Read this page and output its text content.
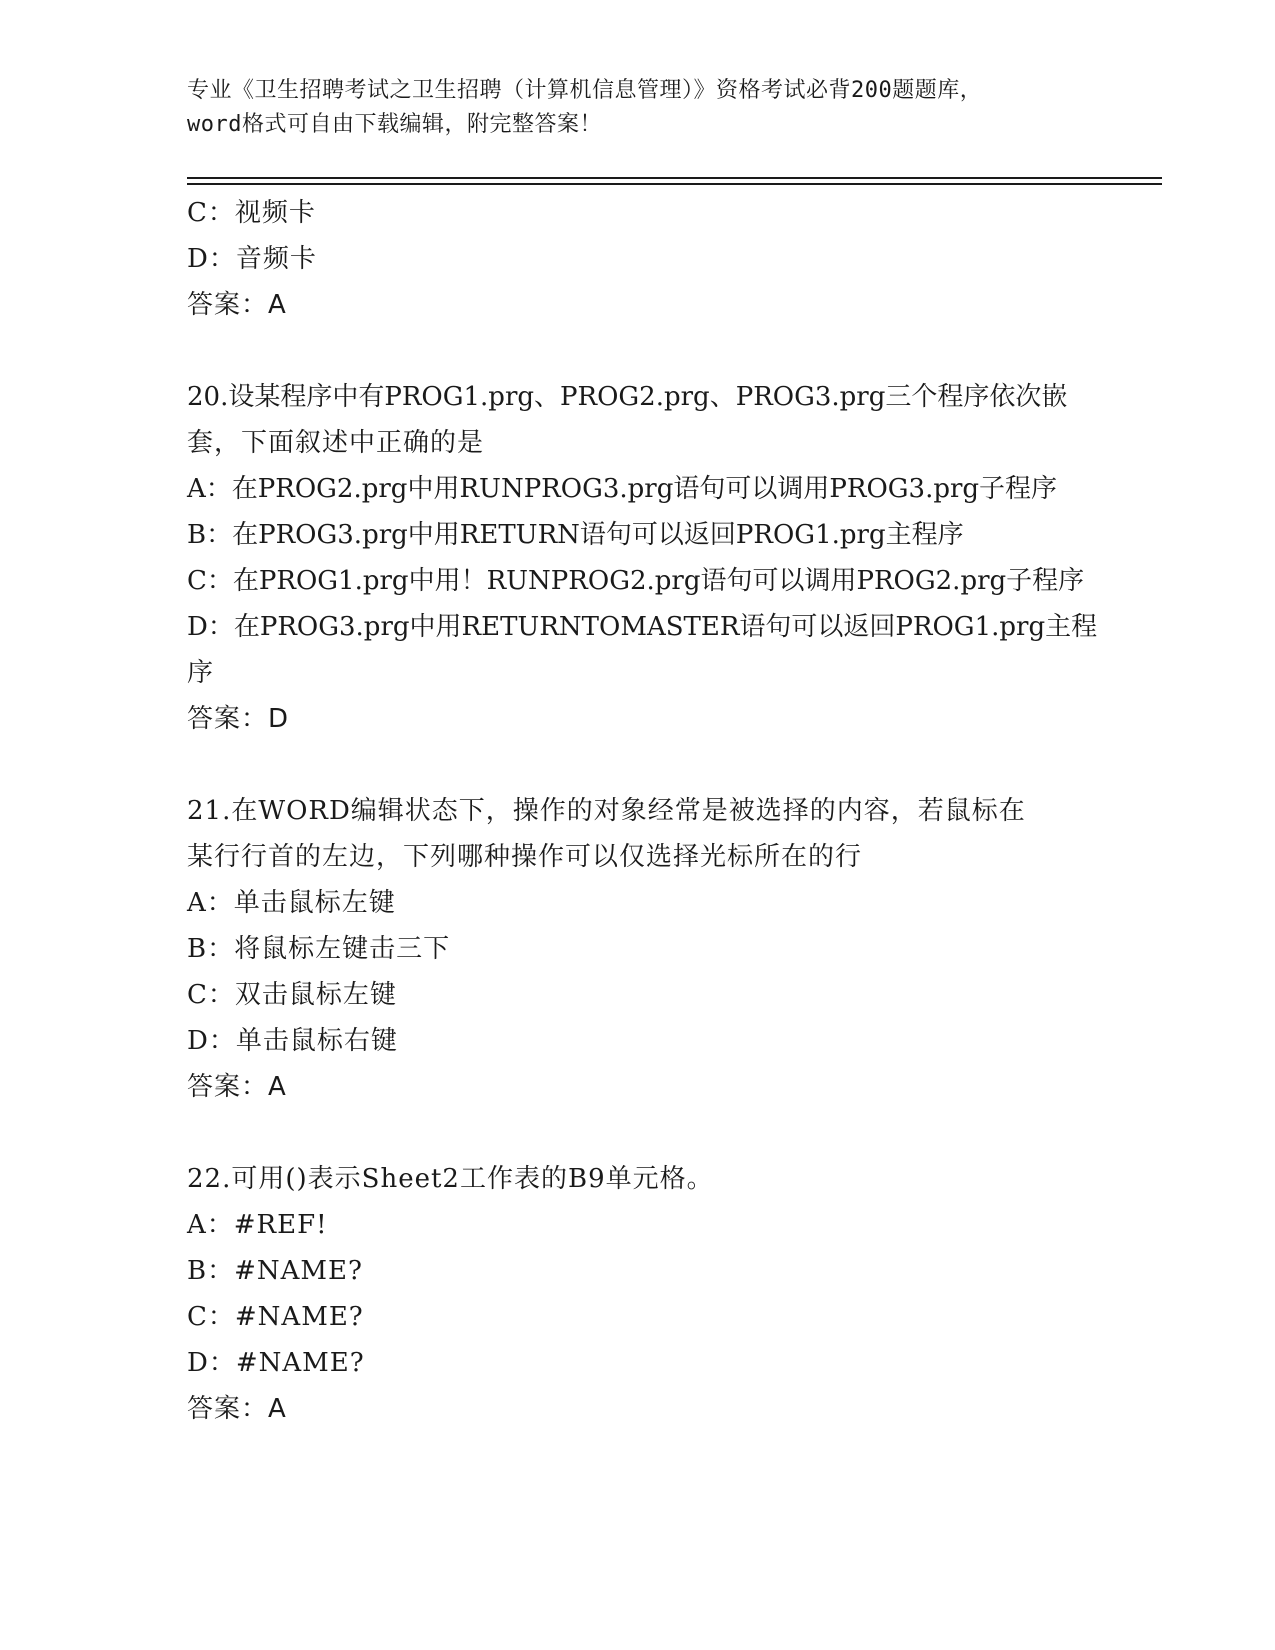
专业《卫生招聘考试之卫生招聘（计算机信息管理）》资格考试必背200题题库，
word格式可自由下载编辑，附完整答案！
C：视频卡
D：音频卡
答案：A
20.设某程序中有PROG1.prg、PROG2.prg、PROG3.prg三个程序依次嵌
套，下面叙述中正确的是
A：在PROG2.prg中用RUNPROG3.prg语句可以调用PROG3.prg子程序
B：在PROG3.prg中用RETURN语句可以返回PROG1.prg主程序
C：在PROG1.prg中用！RUNPROG2.prg语句可以调用PROG2.prg子程序
D：在PROG3.prg中用RETURNTOMASTER语句可以返回PROG1.prg主程
序
答案：D
21.在WORD编辑状态下，操作的对象经常是被选择的内容，若鼠标在
某行行首的左边，下列哪种操作可以仅选择光标所在的行
A：单击鼠标左键
B：将鼠标左键击三下
C：双击鼠标左键
D：单击鼠标右键
答案：A
22.可用()表示Sheet2工作表的B9单元格。
A：#REF!
B：#NAME?
C：#NAME?
D：#NAME?
答案：A
